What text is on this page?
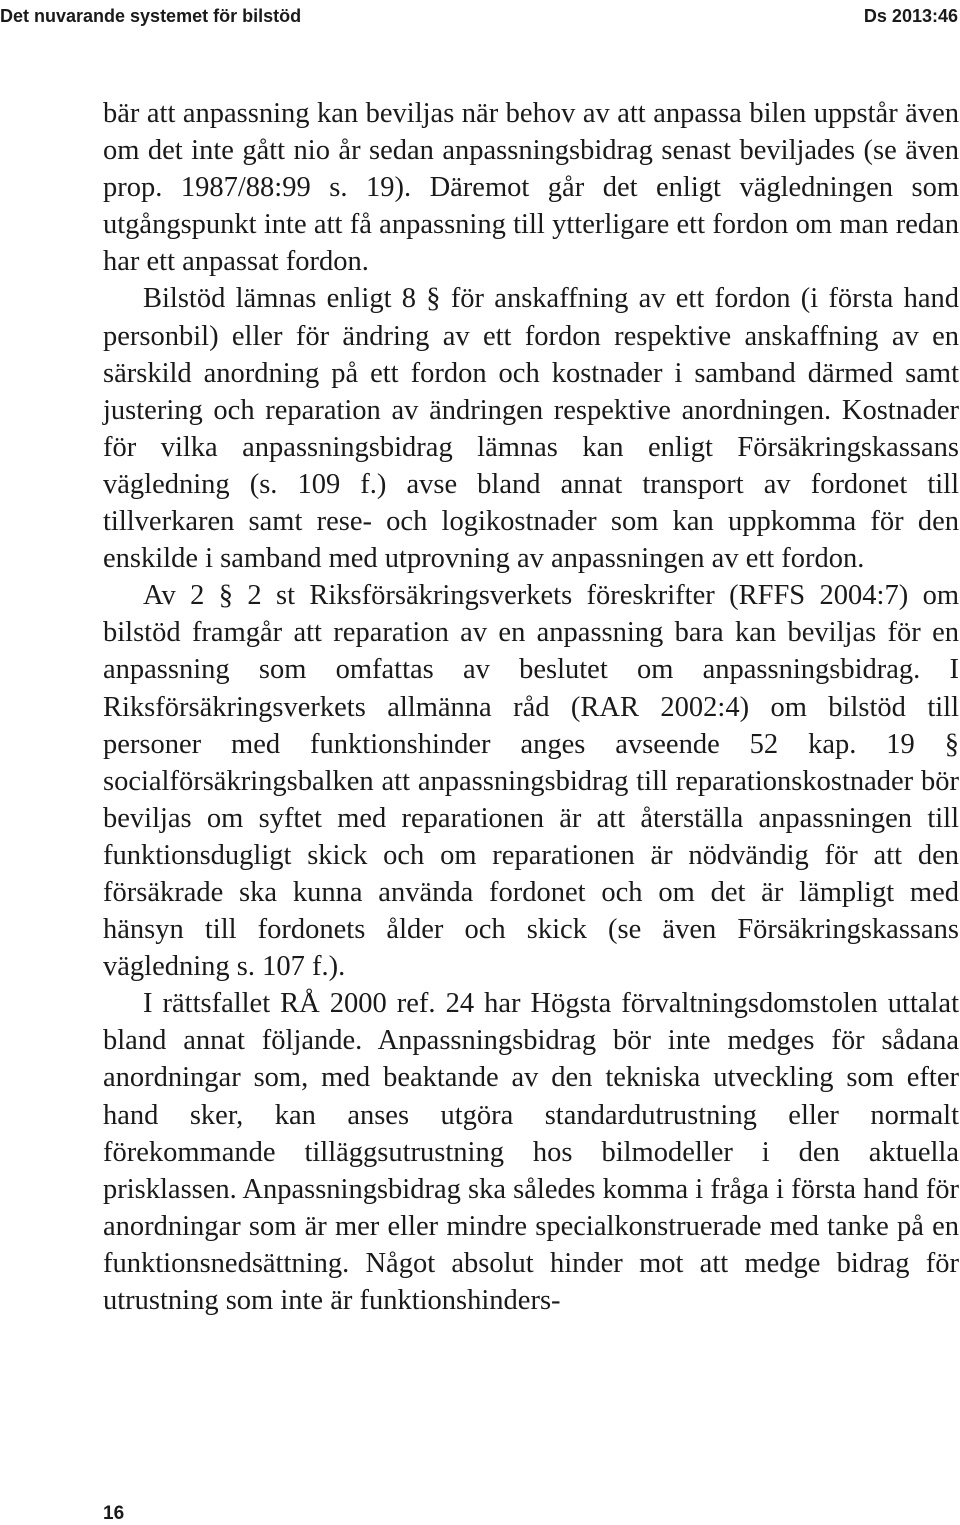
Det nuvarande systemet för bilstöd	Ds 2013:46

bär att anpassning kan beviljas när behov av att anpassa bilen uppstår även om det inte gått nio år sedan anpassningsbidrag senast beviljades (se även prop. 1987/88:99 s. 19). Däremot går det enligt vägledningen som utgångspunkt inte att få anpassning till ytterligare ett fordon om man redan har ett anpassat fordon.

Bilstöd lämnas enligt 8 § för anskaffning av ett fordon (i första hand personbil) eller för ändring av ett fordon respektive anskaffning av en särskild anordning på ett fordon och kostnader i samband därmed samt justering och reparation av ändringen respektive anordningen. Kostnader för vilka anpassningsbidrag lämnas kan enligt Försäkringskassans vägledning (s. 109 f.) avse bland annat transport av fordonet till tillverkaren samt rese- och logikostnader som kan uppkomma för den enskilde i samband med utprovning av anpassningen av ett fordon.

Av 2 § 2 st Riksförsäkringsverkets föreskrifter (RFFS 2004:7) om bilstöd framgår att reparation av en anpassning bara kan beviljas för en anpassning som omfattas av beslutet om anpassningsbidrag. I Riksförsäkringsverkets allmänna råd (RAR 2002:4) om bilstöd till personer med funktionshinder anges avseende 52 kap. 19 § socialförsäkringsbalken att anpassningsbidrag till reparationskostnader bör beviljas om syftet med reparationen är att återställa anpassningen till funktionsdugligt skick och om reparationen är nödvändig för att den försäkrade ska kunna använda fordonet och om det är lämpligt med hänsyn till fordonets ålder och skick (se även Försäkringskassans vägledning s. 107 f.).

I rättsfallet RÅ 2000 ref. 24 har Högsta förvaltningsdomstolen uttalat bland annat följande. Anpassningsbidrag bör inte medges för sådana anordningar som, med beaktande av den tekniska utveckling som efter hand sker, kan anses utgöra standardutrustning eller normalt förekommande tilläggsutrustning hos bilmodeller i den aktuella prisklassen. Anpassningsbidrag ska således komma i fråga i första hand för anordningar som är mer eller mindre specialkonstruerade med tanke på en funktionsnedsättning. Något absolut hinder mot att medge bidrag för utrustning som inte är funktionshinders-

16
